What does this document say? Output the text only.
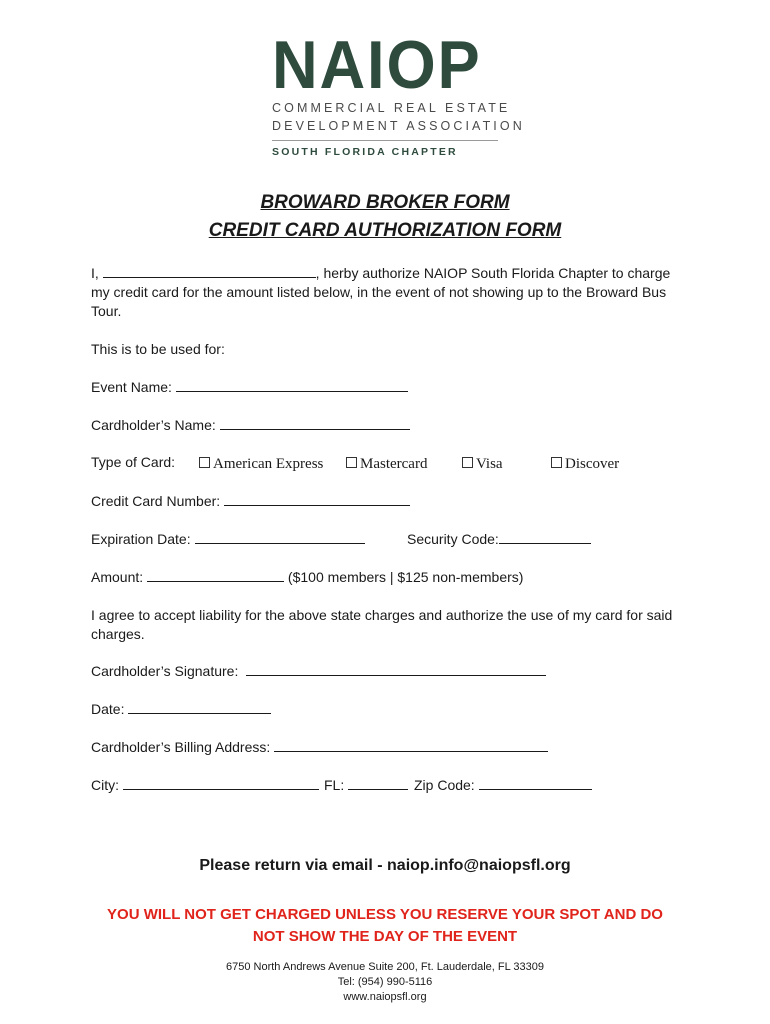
NAIOP
COMMERCIAL REAL ESTATE
DEVELOPMENT ASSOCIATION
SOUTH FLORIDA CHAPTER
BROWARD BROKER FORM
CREDIT CARD AUTHORIZATION FORM
I,	, herby authorize NAIOP South Florida Chapter to charge
my credit card for the amount listed below, in the event of not showing up to the Broward Bus
Tour.
This is to be used for:
Event Name:
Cardholder’s Name:
Type of Card:	American Express	Mastercard	Visa	Discover
Credit Card Number:
Expiration Date:	Security Code:
Amount:	($100 members | $125 non-members)
I agree to accept liability for the above state charges and authorize the use of my card for said
charges.
Cardholder’s Signature:
Date:
Cardholder’s Billing Address:
City:	FL:	Zip Code:
Please return via email - naiop.info@naiopsfl.org
YOU WILL NOT GET CHARGED UNLESS YOU RESERVE YOUR SPOT AND DO
NOT SHOW THE DAY OF THE EVENT
6750 North Andrews Avenue Suite 200, Ft. Lauderdale, FL 33309
Tel: (954) 990-5116
www.naiopsfl.org
